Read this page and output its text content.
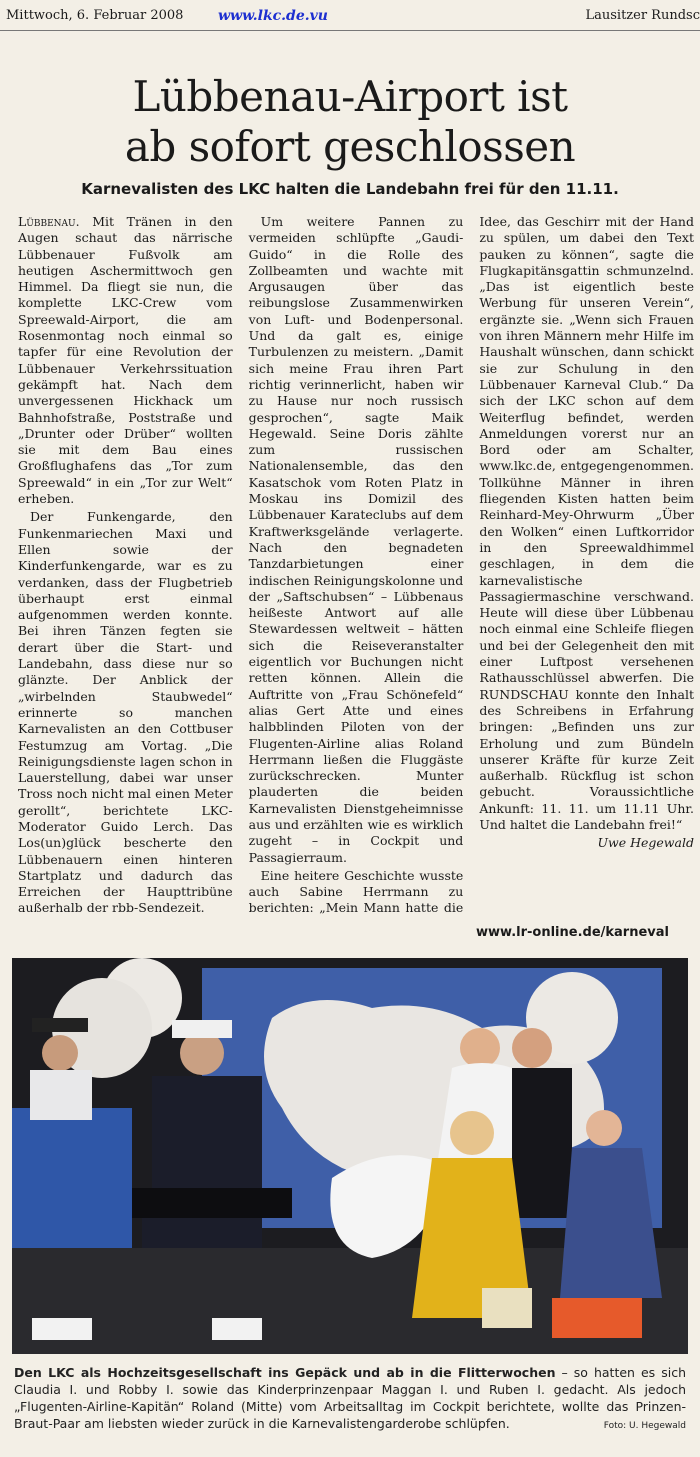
Mittwoch, 6. Februar 2008 www.lkc.de.vu	Lausitzer Rundsc
Lübbenau-Airport ist
ab sofort geschlossen
Karnevalisten des LKC halten die Landebahn frei für den 11.11.

Lübbenau. Mit Tränen in den Augen schaut das närrische Lübbenauer Fußvolk am heutigen Aschermittwoch gen Himmel. Da fliegt sie nun, die komplette LKC-Crew vom Spreewald-Airport, die am Rosenmontag noch einmal so tapfer für eine Revolution der Lübbenauer Verkehrssituation gekämpft hat. Nach dem unvergessenen Hickhack um Bahnhofstraße, Poststraße und „Drunter oder Drüber“ wollten sie mit dem Bau eines Großflughafens das „Tor zum Spreewald“ in ein „Tor zur Welt“ erheben.

Der Funkengarde, den Funkenmariechen Maxi und Ellen sowie der Kinderfunkengarde, war es zu verdanken, dass der Flugbetrieb überhaupt erst einmal aufgenommen werden konnte. Bei ihren Tänzen fegten sie derart über die Start- und Landebahn, dass diese nur so glänzte. Der Anblick der „wirbelnden Staubwedel“ erinnerte so manchen Karnevalisten an den Cottbuser Festumzug am Vortag. „Die Reinigungsdienste lagen schon in Lauerstellung, dabei war unser Tross noch nicht mal einen Meter gerollt“, berichtete LKC-Moderator Guido Lerch. Das Los(un)glück bescherte den Lübbenauern einen hinteren Startplatz und dadurch das Erreichen der Haupttribüne außerhalb der rbb-Sendezeit.

Um weitere Pannen zu vermeiden schlüpfte „Gaudi-Guido“ in die Rolle des Zollbeamten und wachte mit Argusaugen über das reibungslose Zusammenwirken von Luft- und Bodenpersonal. Und da galt es, einige Turbulenzen zu meistern. „Damit sich meine Frau ihren Part richtig verinnerlicht, haben wir zu Hause nur noch russisch gesprochen“, sagte Maik Hegewald. Seine Doris zählte zum russischen Nationalensemble, das den Kasatschok vom Roten Platz in Moskau ins Domizil des Lübbenauer Karateclubs auf dem Kraftwerksgelände verlagerte. Nach den begnadeten Tanzdarbietungen einer indischen Reinigungskolonne und der „Saftschubsen“ – Lübbenaus heißeste Antwort auf alle Stewardessen weltweit – hätten sich die Reiseveranstalter eigentlich vor Buchungen nicht retten können. Allein die Auftritte von „Frau Schönefeld“ alias Gert Atte und eines halbblinden Piloten von der Flugenten-Airline alias Roland Herrmann ließen die Fluggäste zurückschrecken. Munter plauderten die beiden Karnevalisten Dienstgeheimnisse aus und erzählten wie es wirklich zugeht – in Cockpit und Passagierraum.

Eine heitere Geschichte wusste auch Sabine Herrmann zu berichten: „Mein Mann hatte die Idee, das Geschirr mit der Hand zu spülen, um dabei den Text pauken zu können“, sagte die Flugkapitänsgattin schmunzelnd. „Das ist eigentlich beste Werbung für unseren Verein“, ergänzte sie. „Wenn sich Frauen von ihren Männern mehr Hilfe im Haushalt wünschen, dann schickt sie zur Schulung in den Lübbenauer Karneval Club.“ Da sich der LKC schon auf dem Weiterflug befindet, werden Anmeldungen vorerst nur an Bord oder am Schalter, www.lkc.de, entgegengenommen. Tollkühne Männer in ihren fliegenden Kisten hatten beim Reinhard-Mey-Ohrwurm „Über den Wolken“ einen Luftkorridor in den Spreewaldhimmel geschlagen, in dem die karnevalistische Passagiermaschine verschwand. Heute will diese über Lübbenau noch einmal eine Schleife fliegen und bei der Gelegenheit den mit einer Luftpost versehenen Rathausschlüssel abwerfen. Die RUNDSCHAU konnte den Inhalt des Schreibens in Erfahrung bringen: „Befinden uns zur Erholung und zum Bündeln unserer Kräfte für kurze Zeit außerhalb. Rückflug ist schon gebucht. Voraussichtliche Ankunft: 11. 11. um 11.11 Uhr. Und haltet die Landebahn frei!“

Uwe Hegewald
www.lr-online.de/karneval
Den LKC als Hochzeitsgesellschaft ins Gepäck und ab in die Flitterwochen – so hatten es sich Claudia I. und Robby I. sowie das Kinderprinzenpaar Maggan I. und Ruben I. gedacht. Als jedoch „Flugenten-Airline-Kapitän“ Roland (Mitte) vom Arbeitsalltag im Cockpit berichtete, wollte das Prinzen-Braut-Paar am liebsten wieder zurück in die Karnevalistengarderobe schlüpfen.	Foto: U. Hegewald
